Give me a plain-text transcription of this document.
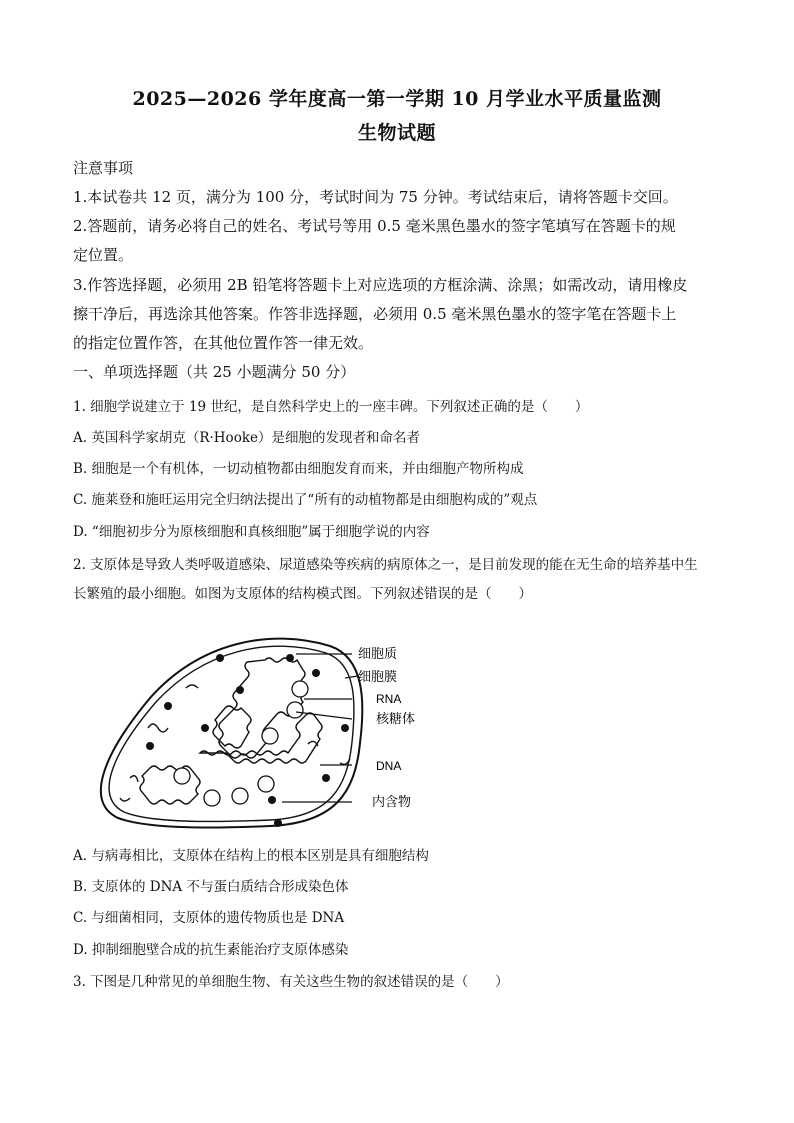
2025—2026 学年度高一第一学期 10 月学业水平质量监测
生物试题
注意事项
1.本试卷共 12 页，满分为 100 分，考试时间为 75 分钟。考试结束后，请将答题卡交回。
2.答题前，请务必将自己的姓名、考试号等用 0.5 毫米黑色墨水的签字笔填写在答题卡的规
定位置。
3.作答选择题，必须用 2B 铅笔将答题卡上对应选项的方框涂满、涂黑；如需改动，请用橡皮
擦干净后，再选涂其他答案。作答非选择题，必须用 0.5 毫米黑色墨水的签字笔在答题卡上
的指定位置作答，在其他位置作答一律无效。
一、单项选择题（共 25 小题满分 50 分）
1. 细胞学说建立于 19 世纪，是自然科学史上的一座丰碑。下列叙述正确的是（　　）
A. 英国科学家胡克（R·Hooke）是细胞的发现者和命名者
B. 细胞是一个有机体，一切动植物都由细胞发育而来，并由细胞产物所构成
C. 施莱登和施旺运用完全归纳法提出了“所有的动植物都是由细胞构成的”观点
D. “细胞初步分为原核细胞和真核细胞”属于细胞学说的内容
2. 支原体是导致人类呼吸道感染、尿道感染等疾病的病原体之一，是目前发现的能在无生命的培养基中生
长繁殖的最小细胞。如图为支原体的结构模式图。下列叙述错误的是（　　）
细胞质
细胞膜
RNA
核糖体
DNA
内含物
A. 与病毒相比，支原体在结构上的根本区别是具有细胞结构
B. 支原体的 DNA 不与蛋白质结合形成染色体
C. 与细菌相同，支原体的遗传物质也是 DNA
D. 抑制细胞壁合成的抗生素能治疗支原体感染
3. 下图是几种常见的单细胞生物、有关这些生物的叙述错误的是（　　）
